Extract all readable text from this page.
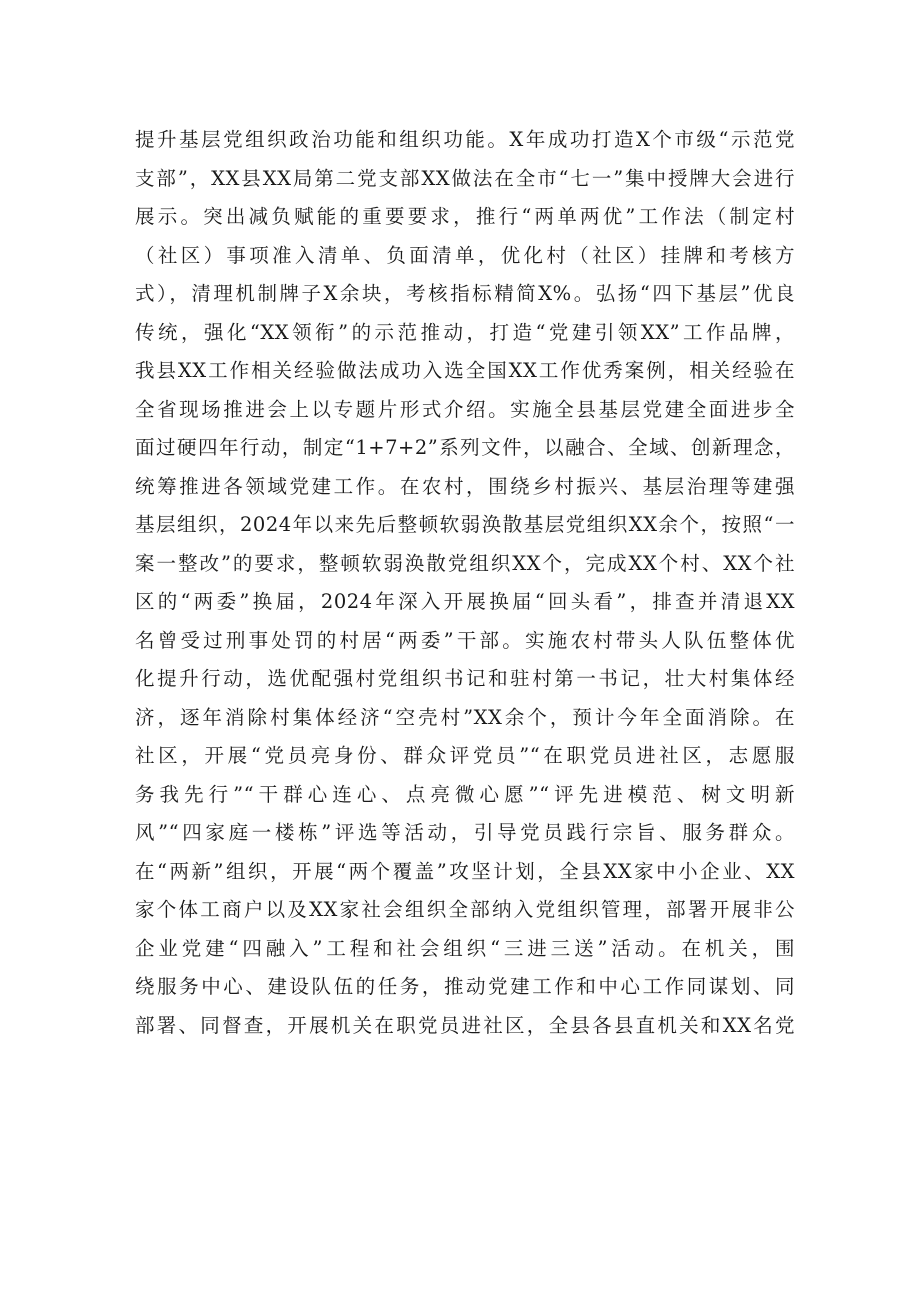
提升基层党组织政治功能和组织功能。X年成功打造X个市级“示范党
支部”，XX县XX局第二党支部XX做法在全市“七一”集中授牌大会进行
展示。突出减负赋能的重要要求，推行“两单两优”工作法（制定村
（社区）事项准入清单、负面清单，优化村（社区）挂牌和考核方
式），清理机制牌子X余块，考核指标精简X%。弘扬“四下基层”优良
传统，强化“XX领衔”的示范推动，打造“党建引领XX”工作品牌，
我县XX工作相关经验做法成功入选全国XX工作优秀案例，相关经验在
全省现场推进会上以专题片形式介绍。实施全县基层党建全面进步全
面过硬四年行动，制定“1+7+2”系列文件，以融合、全域、创新理念，
统筹推进各领域党建工作。在农村，围绕乡村振兴、基层治理等建强
基层组织，2024年以来先后整顿软弱涣散基层党组织XX余个，按照“一
案一整改”的要求，整顿软弱涣散党组织XX个，完成XX个村、XX个社
区的“两委”换届，2024年深入开展换届“回头看”，排查并清退XX
名曾受过刑事处罚的村居“两委”干部。实施农村带头人队伍整体优
化提升行动，选优配强村党组织书记和驻村第一书记，壮大村集体经
济，逐年消除村集体经济“空壳村”XX余个，预计今年全面消除。在
社区，开展“党员亮身份、群众评党员”“在职党员进社区，志愿服
务我先行”“干群心连心、点亮微心愿”“评先进模范、树文明新
风”“四家庭一楼栋”评选等活动，引导党员践行宗旨、服务群众。
在“两新”组织，开展“两个覆盖”攻坚计划，全县XX家中小企业、XX
家个体工商户以及XX家社会组织全部纳入党组织管理，部署开展非公
企业党建“四融入”工程和社会组织“三进三送”活动。在机关，围
绕服务中心、建设队伍的任务，推动党建工作和中心工作同谋划、同
部署、同督查，开展机关在职党员进社区，全县各县直机关和XX名党
